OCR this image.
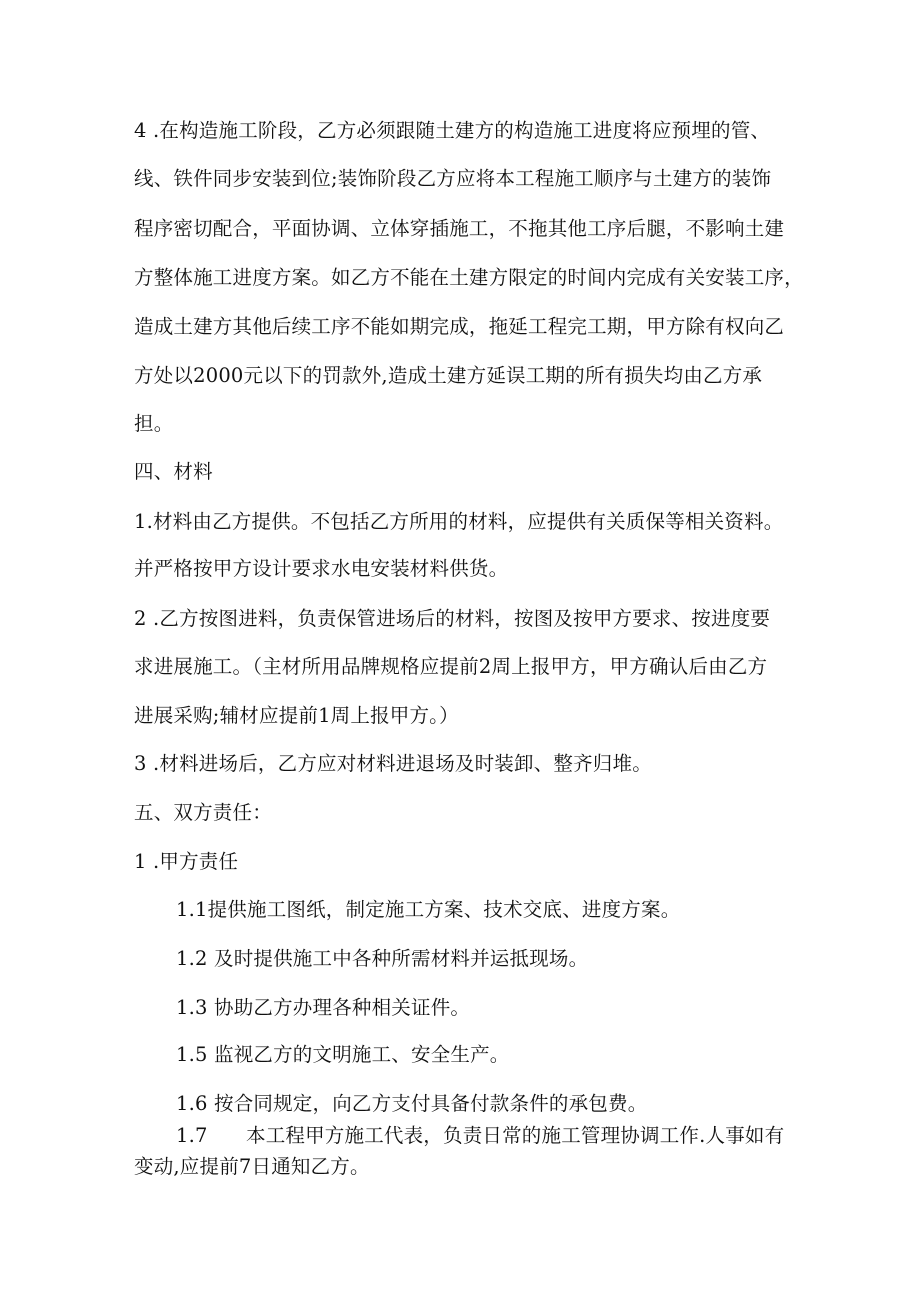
4 .在构造施工阶段，乙方必须跟随土建方的构造施工进度将应预埋的管、
线、铁件同步安装到位;装饰阶段乙方应将本工程施工顺序与土建方的装饰
程序密切配合，平面协调、立体穿插施工，不拖其他工序后腿，不影响土建
方整体施工进度方案。如乙方不能在土建方限定的时间内完成有关安装工序，
造成土建方其他后续工序不能如期完成，拖延工程完工期，甲方除有权向乙
方处以2000元以下的罚款外,造成土建方延误工期的所有损失均由乙方承
担。
四、材料
1.材料由乙方提供。不包括乙方所用的材料，应提供有关质保等相关资料。
并严格按甲方设计要求水电安装材料供货。
2 .乙方按图进料，负责保管进场后的材料，按图及按甲方要求、按进度要
求进展施工。（主材所用品牌规格应提前2周上报甲方，甲方确认后由乙方
进展采购;辅材应提前1周上报甲方。）
3 .材料进场后，乙方应对材料进退场及时装卸、整齐归堆。
五、双方责任：
1 .甲方责任
1.1提供施工图纸，制定施工方案、技术交底、进度方案。
1.2 及时提供施工中各种所需材料并运抵现场。
1.3 协助乙方办理各种相关证件。
1.5 监视乙方的文明施工、安全生产。
1.6 按合同规定，向乙方支付具备付款条件的承包费。
1.7      本工程甲方施工代表，负责日常的施工管理协调工作.人事如有
变动,应提前7日通知乙方。
